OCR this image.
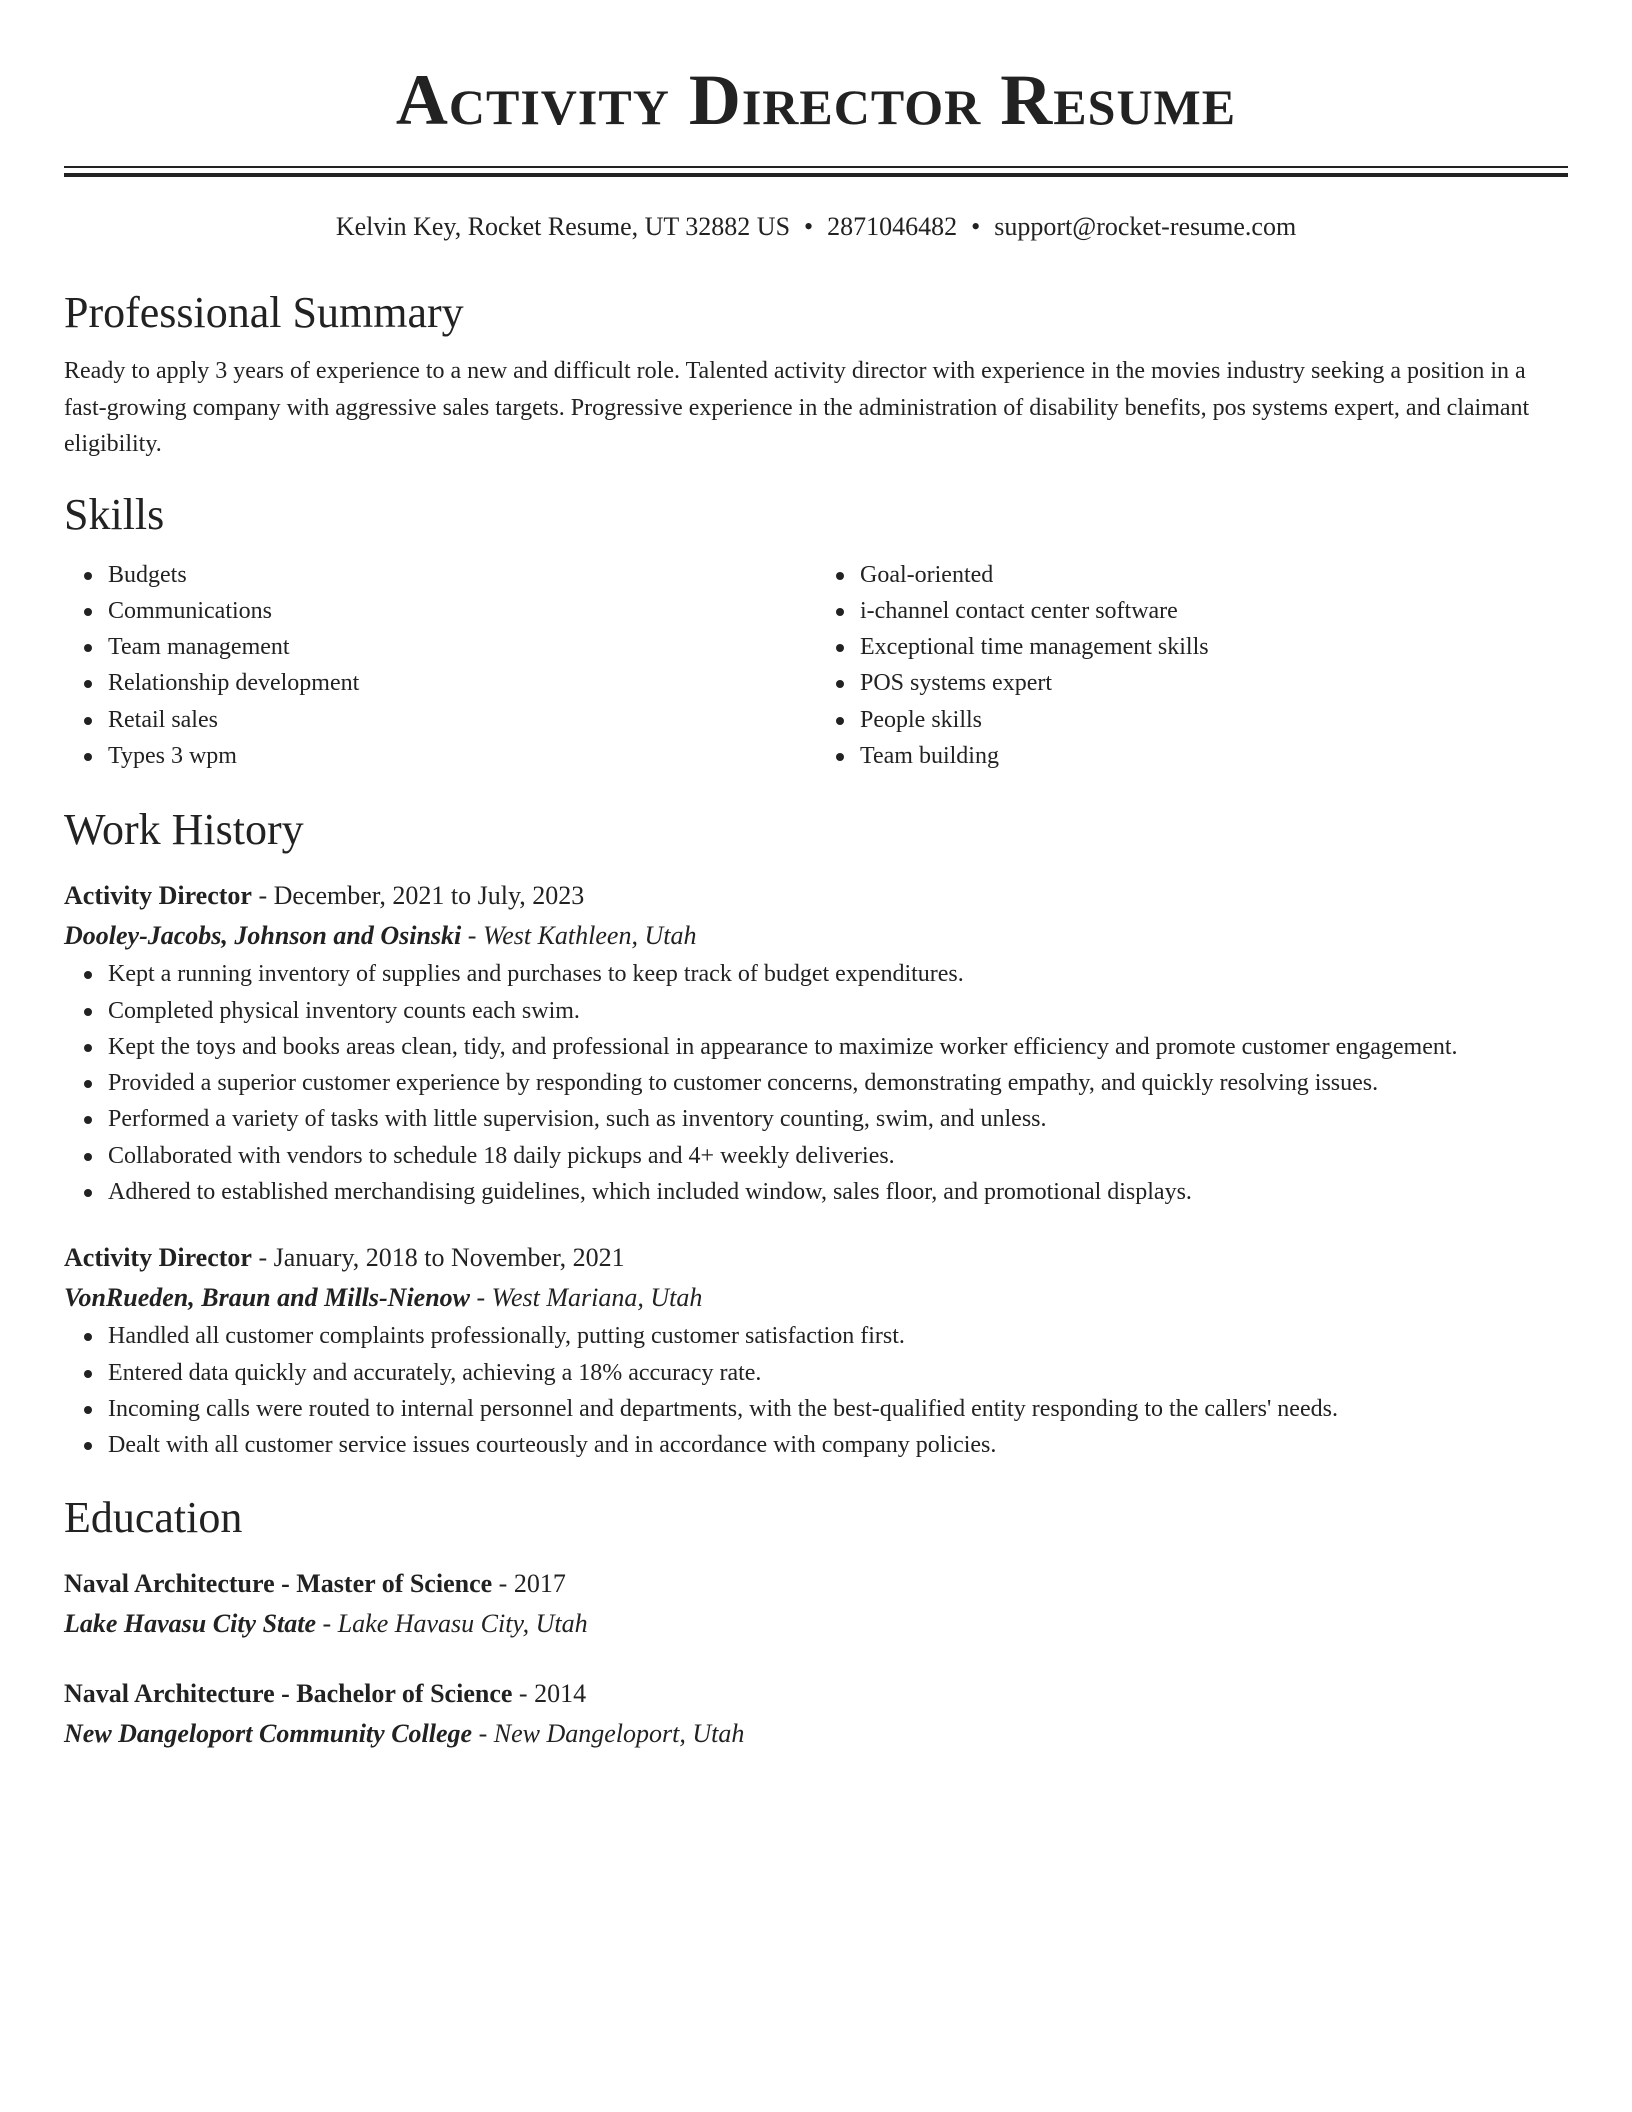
Activity Director Resume
Kelvin Key, Rocket Resume, UT 32882 US • 2871046482 • support@rocket-resume.com
Professional Summary
Ready to apply 3 years of experience to a new and difficult role. Talented activity director with experience in the movies industry seeking a position in a fast-growing company with aggressive sales targets. Progressive experience in the administration of disability benefits, pos systems expert, and claimant eligibility.
Skills
Budgets
Communications
Team management
Relationship development
Retail sales
Types 3 wpm
Goal-oriented
i-channel contact center software
Exceptional time management skills
POS systems expert
People skills
Team building
Work History
Activity Director - December, 2021 to July, 2023
Dooley-Jacobs, Johnson and Osinski - West Kathleen, Utah
Kept a running inventory of supplies and purchases to keep track of budget expenditures.
Completed physical inventory counts each swim.
Kept the toys and books areas clean, tidy, and professional in appearance to maximize worker efficiency and promote customer engagement.
Provided a superior customer experience by responding to customer concerns, demonstrating empathy, and quickly resolving issues.
Performed a variety of tasks with little supervision, such as inventory counting, swim, and unless.
Collaborated with vendors to schedule 18 daily pickups and 4+ weekly deliveries.
Adhered to established merchandising guidelines, which included window, sales floor, and promotional displays.
Activity Director - January, 2018 to November, 2021
VonRueden, Braun and Mills-Nienow - West Mariana, Utah
Handled all customer complaints professionally, putting customer satisfaction first.
Entered data quickly and accurately, achieving a 18% accuracy rate.
Incoming calls were routed to internal personnel and departments, with the best-qualified entity responding to the callers' needs.
Dealt with all customer service issues courteously and in accordance with company policies.
Education
Naval Architecture - Master of Science - 2017
Lake Havasu City State - Lake Havasu City, Utah
Naval Architecture - Bachelor of Science - 2014
New Dangeloport Community College - New Dangeloport, Utah
